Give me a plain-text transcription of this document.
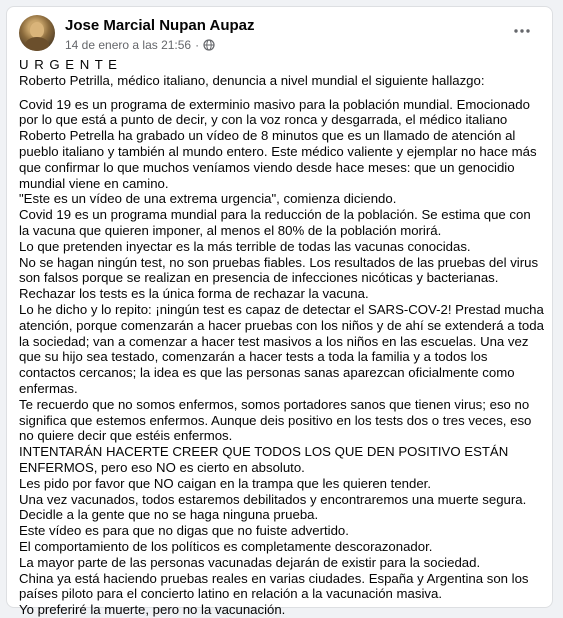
Jose Marcial Nupan Aupaz
14 de enero a las 21:56 ·

U R G E N T E

Roberto Petrilla, médico italiano, denuncia a nivel mundial el siguiente hallazgo:

Covid 19 es un programa de exterminio masivo para la población mundial. Emocionado por lo que está a punto de decir, y con la voz ronca y desgarrada, el médico italiano Roberto Petrella ha grabado un vídeo de 8 minutos que es un llamado de atención al pueblo italiano y también al mundo entero. Este médico valiente y ejemplar no hace más que confirmar lo que muchos veníamos viendo desde hace meses: que un genocidio mundial viene en camino.

"Este es un vídeo de una extrema urgencia", comienza diciendo.

Covid 19 es un programa mundial para la reducción de la población. Se estima que con la vacuna que quieren imponer, al menos el 80% de la población morirá.

Lo que pretenden inyectar es la más terrible de todas las vacunas conocidas.

No se hagan ningún test, no son pruebas fiables. Los resultados de las pruebas del virus son falsos porque se realizan en presencia de infecciones nicóticas y bacterianas. Rechazar los tests es la única forma de rechazar la vacuna.

Lo he dicho y lo repito: ¡ningún test es capaz de detectar el SARS-COV-2! Prestad mucha atención, porque comenzarán a hacer pruebas con los niños y de ahí se extenderá a toda la sociedad; van a comenzar a hacer test masivos a los niños en las escuelas. Una vez que su hijo sea testado, comenzarán a hacer tests a toda la familia y a todos los contactos cercanos; la idea es que las personas sanas aparezcan oficialmente como enfermas.

Te recuerdo que no somos enfermos, somos portadores sanos que tienen virus; eso no significa que estemos enfermos. Aunque deis positivo en los tests dos o tres veces, eso no quiere decir que estéis enfermos.

INTENTARÁN HACERTE CREER QUE TODOS LOS QUE DEN POSITIVO ESTÁN ENFERMOS, pero eso NO es cierto en absoluto.

Les pido por favor que NO caigan en la trampa que les quieren tender.

Una vez vacunados, todos estaremos debilitados y encontraremos una muerte segura. Decidle a la gente que no se haga ninguna prueba.

Este vídeo es para que no digas que no fuiste advertido.

El comportamiento de los políticos es completamente descorazonador.

La mayor parte de las personas vacunadas dejarán de existir para la sociedad.

China ya está haciendo pruebas reales en varias ciudades. España y Argentina son los países piloto para el concierto latino en relación a la vacunación masiva.

Yo preferiré la muerte, pero no la vacunación.
